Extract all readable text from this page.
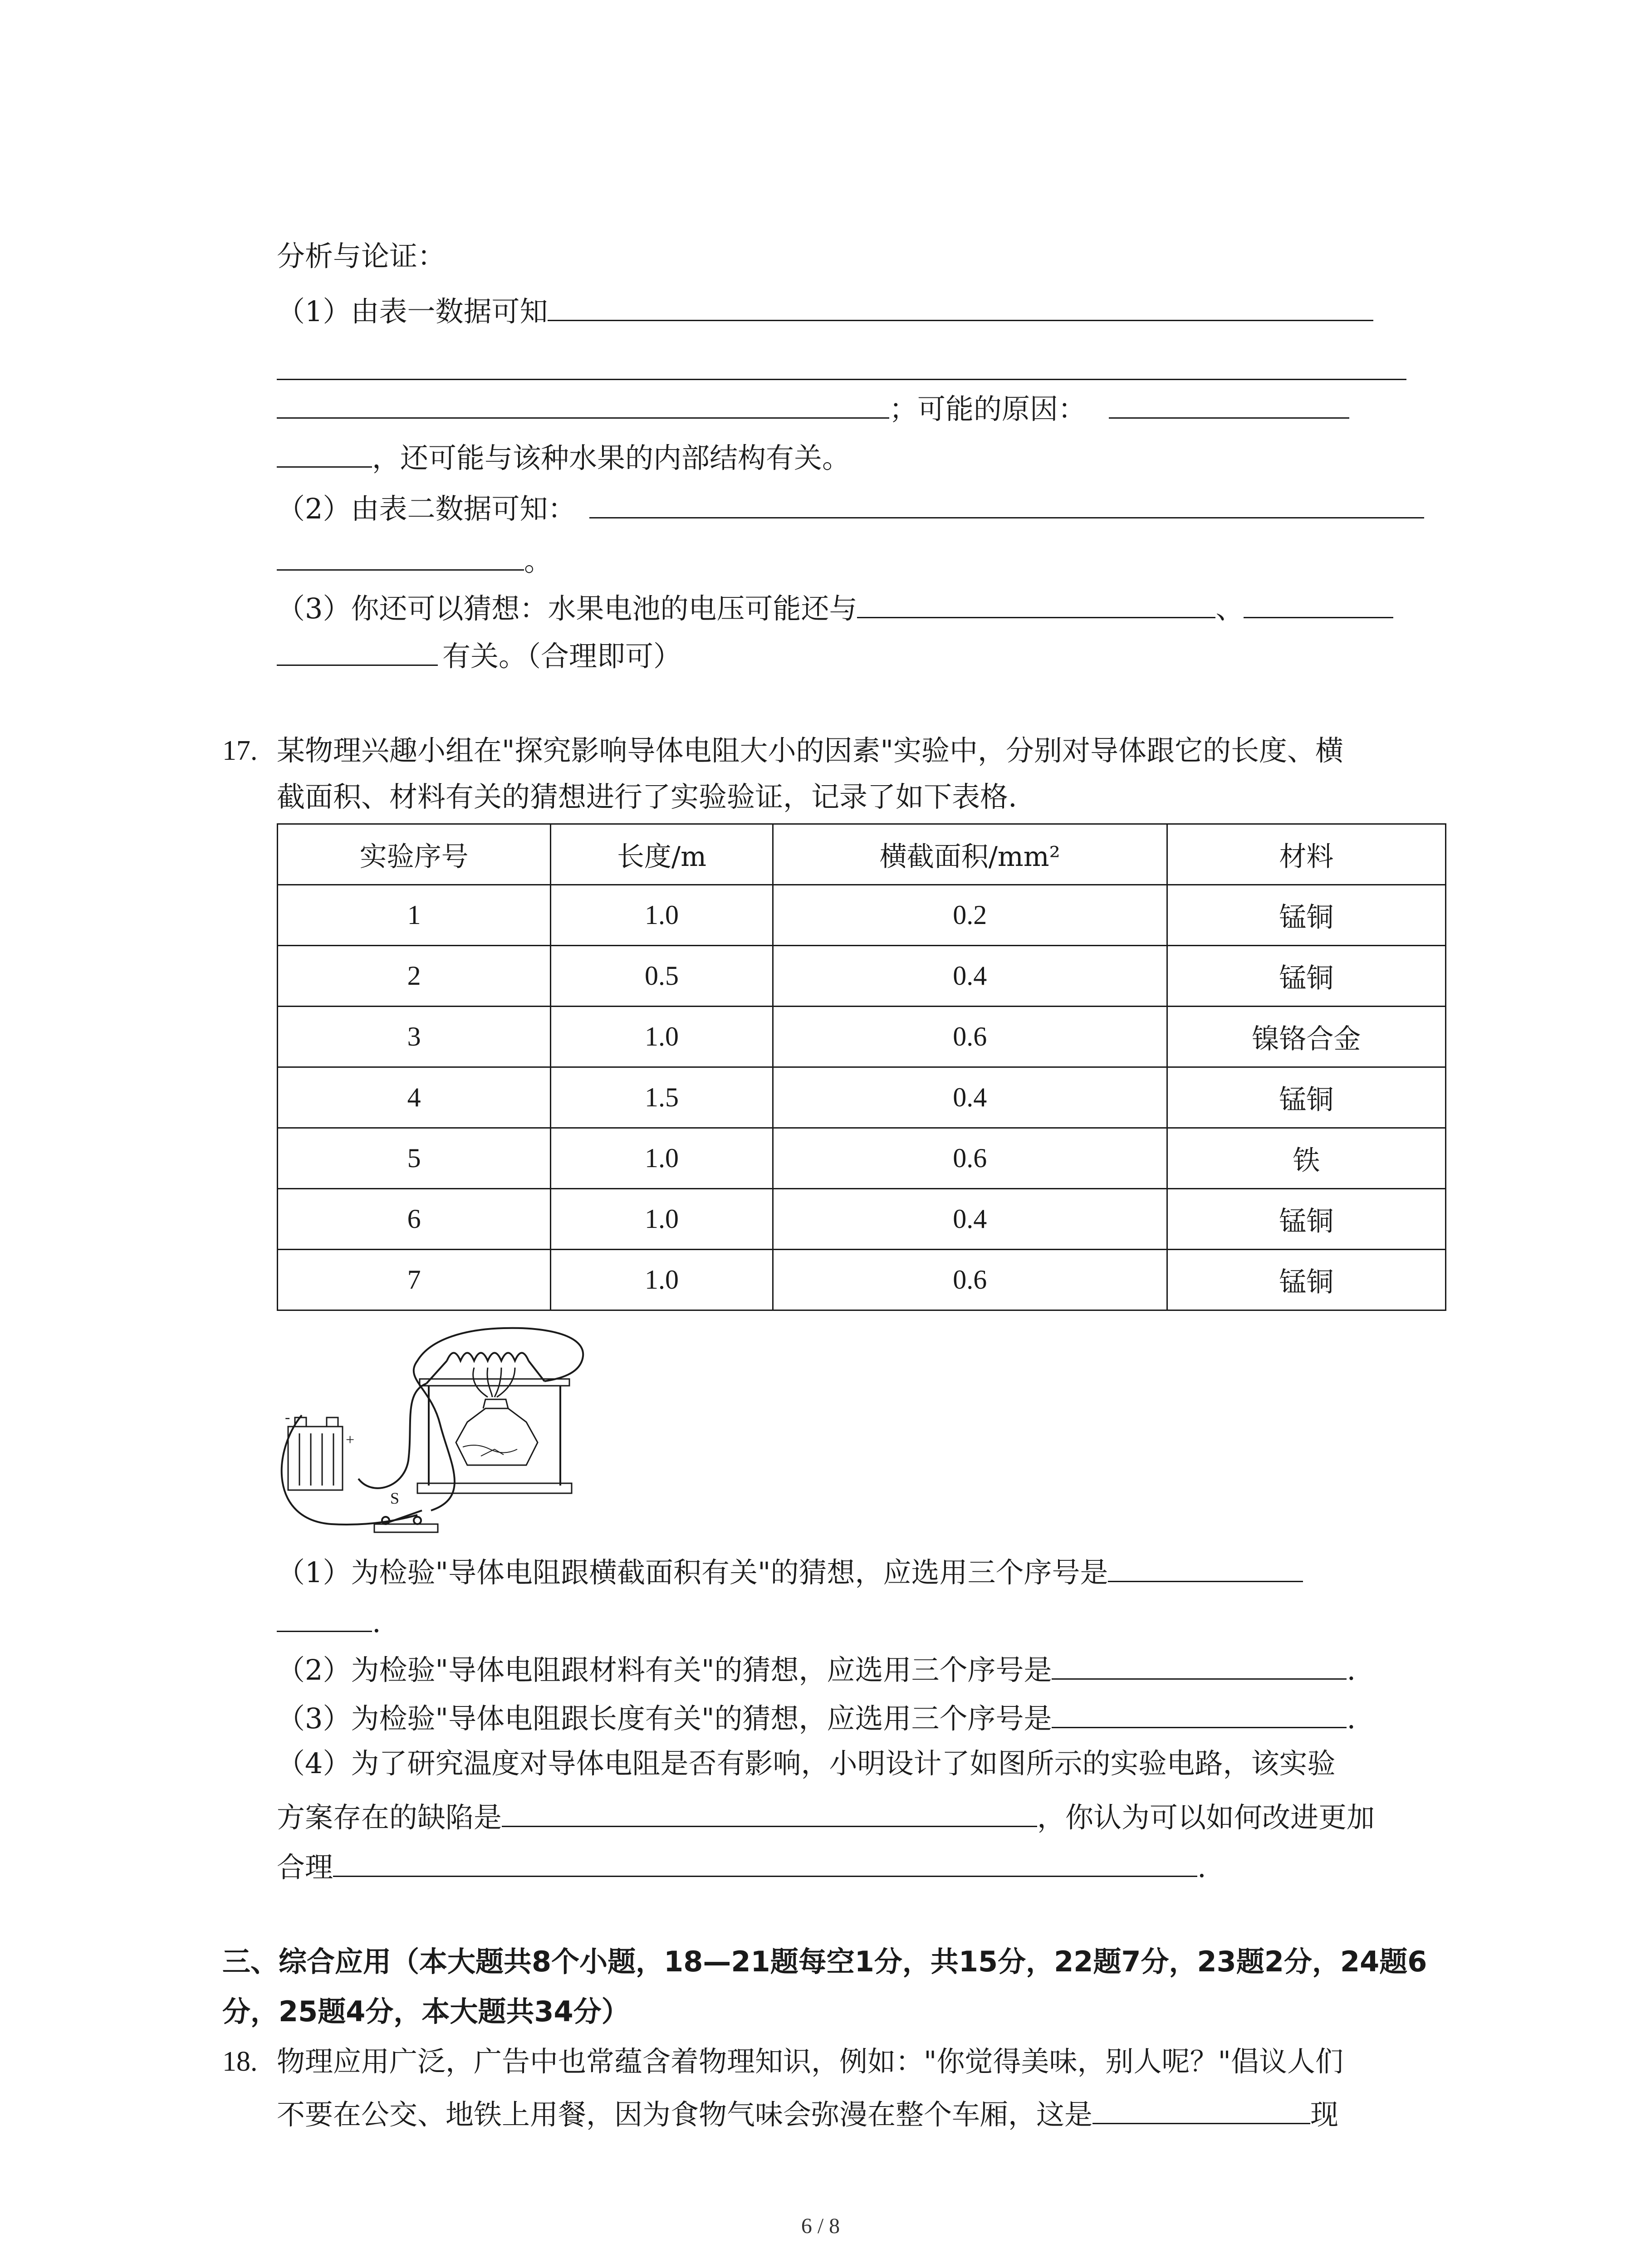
分析与论证：
（1）由表一数据可知
；可能的原因：
，还可能与该种水果的内部结构有关。
（2）由表二数据可知：
。
（3）你还可以猜想：水果电池的电压可能还与	、
有关。（合理即可）
17. 某物理兴趣小组在"探究影响导体电阻大小的因素"实验中，分别对导体跟它的长度、横
截面积、材料有关的猜想进行了实验验证，记录了如下表格.
实验序号	长度/m	横截面积/mm²	材料
1	1.0	0.2	锰铜
2	0.5	0.4	锰铜
3	1.0	0.6	镍铬合金
4	1.5	0.4	锰铜
5	1.0	0.6	铁
6	1.0	0.4	锰铜
7	1.0	0.6	锰铜
-
+
S
（1）为检验"导体电阻跟横截面积有关"的猜想，应选用三个序号是
.
（2）为检验"导体电阻跟材料有关"的猜想，应选用三个序号是	.
（3）为检验"导体电阻跟长度有关"的猜想，应选用三个序号是	.
（4）为了研究温度对导体电阻是否有影响，小明设计了如图所示的实验电路，该实验
方案存在的缺陷是	，你认为可以如何改进更加
合理	.
三、综合应用（本大题共8个小题，18—21题每空1分，共15分，22题7分，23题2分，24题6
分，25题4分，本大题共34分）
18. 物理应用广泛，广告中也常蕴含着物理知识，例如："你觉得美味，别人呢？"倡议人们
不要在公交、地铁上用餐，因为食物气味会弥漫在整个车厢，这是	现
6 / 8
